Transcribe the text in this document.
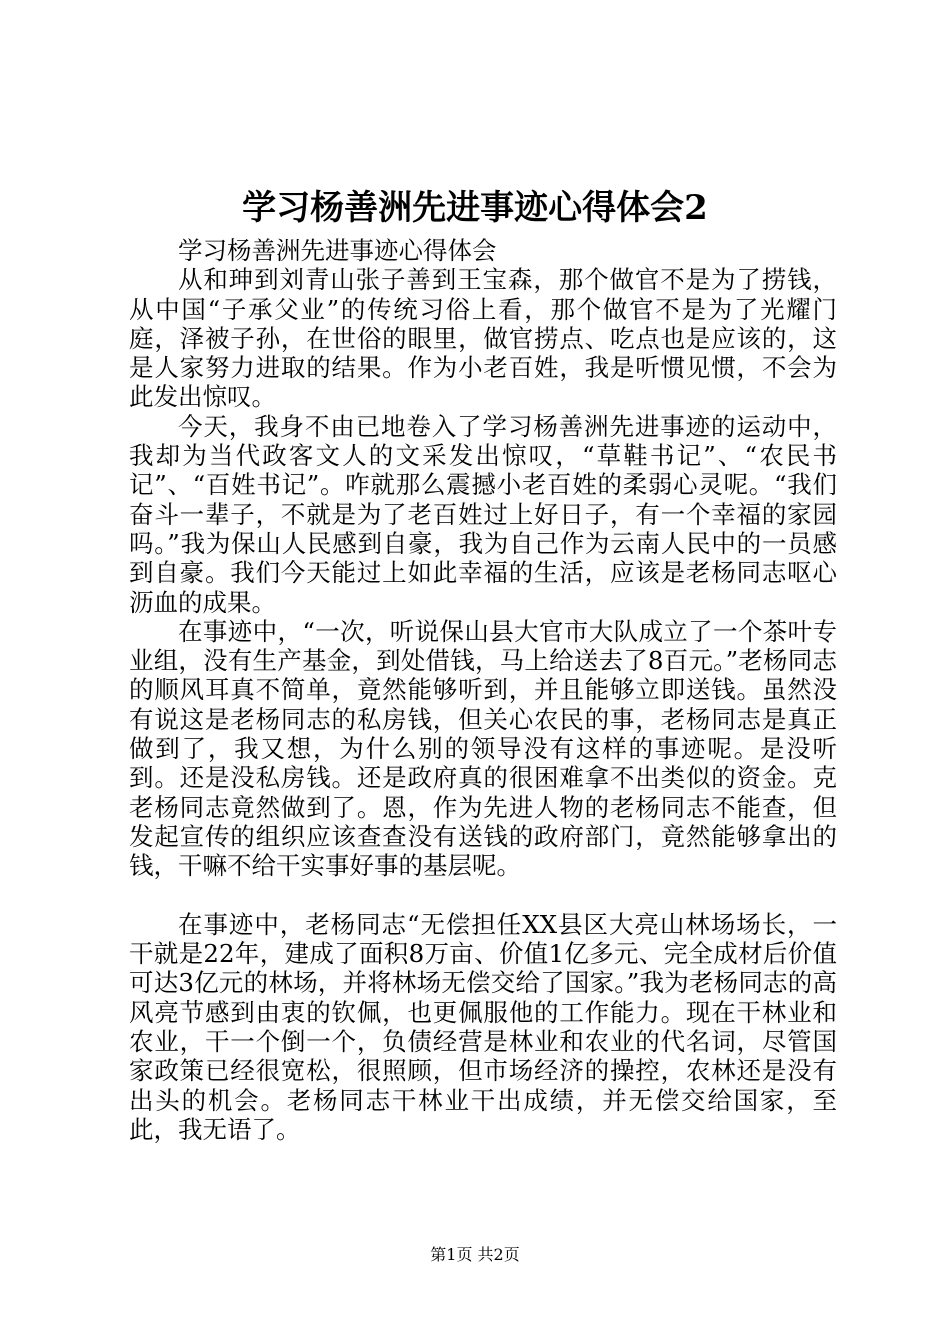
学习杨善洲先进事迹心得体会2

学习杨善洲先进事迹心得体会

从和珅到刘青山张子善到王宝森，那个做官不是为了捞钱，从中国“子承父业”的传统习俗上看，那个做官不是为了光耀门庭，泽被子孙，在世俗的眼里，做官捞点、吃点也是应该的，这是人家努力进取的结果。作为小老百姓，我是听惯见惯，不会为此发出惊叹。

今天，我身不由已地卷入了学习杨善洲先进事迹的运动中，我却为当代政客文人的文采发出惊叹，“草鞋书记”、“农民书记”、“百姓书记”。咋就那么震撼小老百姓的柔弱心灵呢。“我们奋斗一辈子，不就是为了老百姓过上好日子，有一个幸福的家园吗。”我为保山人民感到自豪，我为自己作为云南人民中的一员感到自豪。我们今天能过上如此幸福的生活，应该是老杨同志呕心沥血的成果。

在事迹中，“一次，听说保山县大官市大队成立了一个茶叶专业组，没有生产基金，到处借钱，马上给送去了8百元。”老杨同志的顺风耳真不简单，竟然能够听到，并且能够立即送钱。虽然没有说这是老杨同志的私房钱，但关心农民的事，老杨同志是真正做到了，我又想，为什么别的领导没有这样的事迹呢。是没听到。还是没私房钱。还是政府真的很困难拿不出类似的资金。克老杨同志竟然做到了。恩，作为先进人物的老杨同志不能查，但发起宣传的组织应该查查没有送钱的政府部门，竟然能够拿出的钱，干嘛不给干实事好事的基层呢。

在事迹中，老杨同志“无偿担任XX县区大亮山林场场长，一干就是22年，建成了面积8万亩、价值1亿多元、完全成材后价值可达3亿元的林场，并将林场无偿交给了国家。”我为老杨同志的高风亮节感到由衷的钦佩，也更佩服他的工作能力。现在干林业和农业，干一个倒一个，负债经营是林业和农业的代名词，尽管国家政策已经很宽松，很照顾，但市场经济的操控，农林还是没有出头的机会。老杨同志干林业干出成绩，并无偿交给国家，至此，我无语了。

第1页 共2页
